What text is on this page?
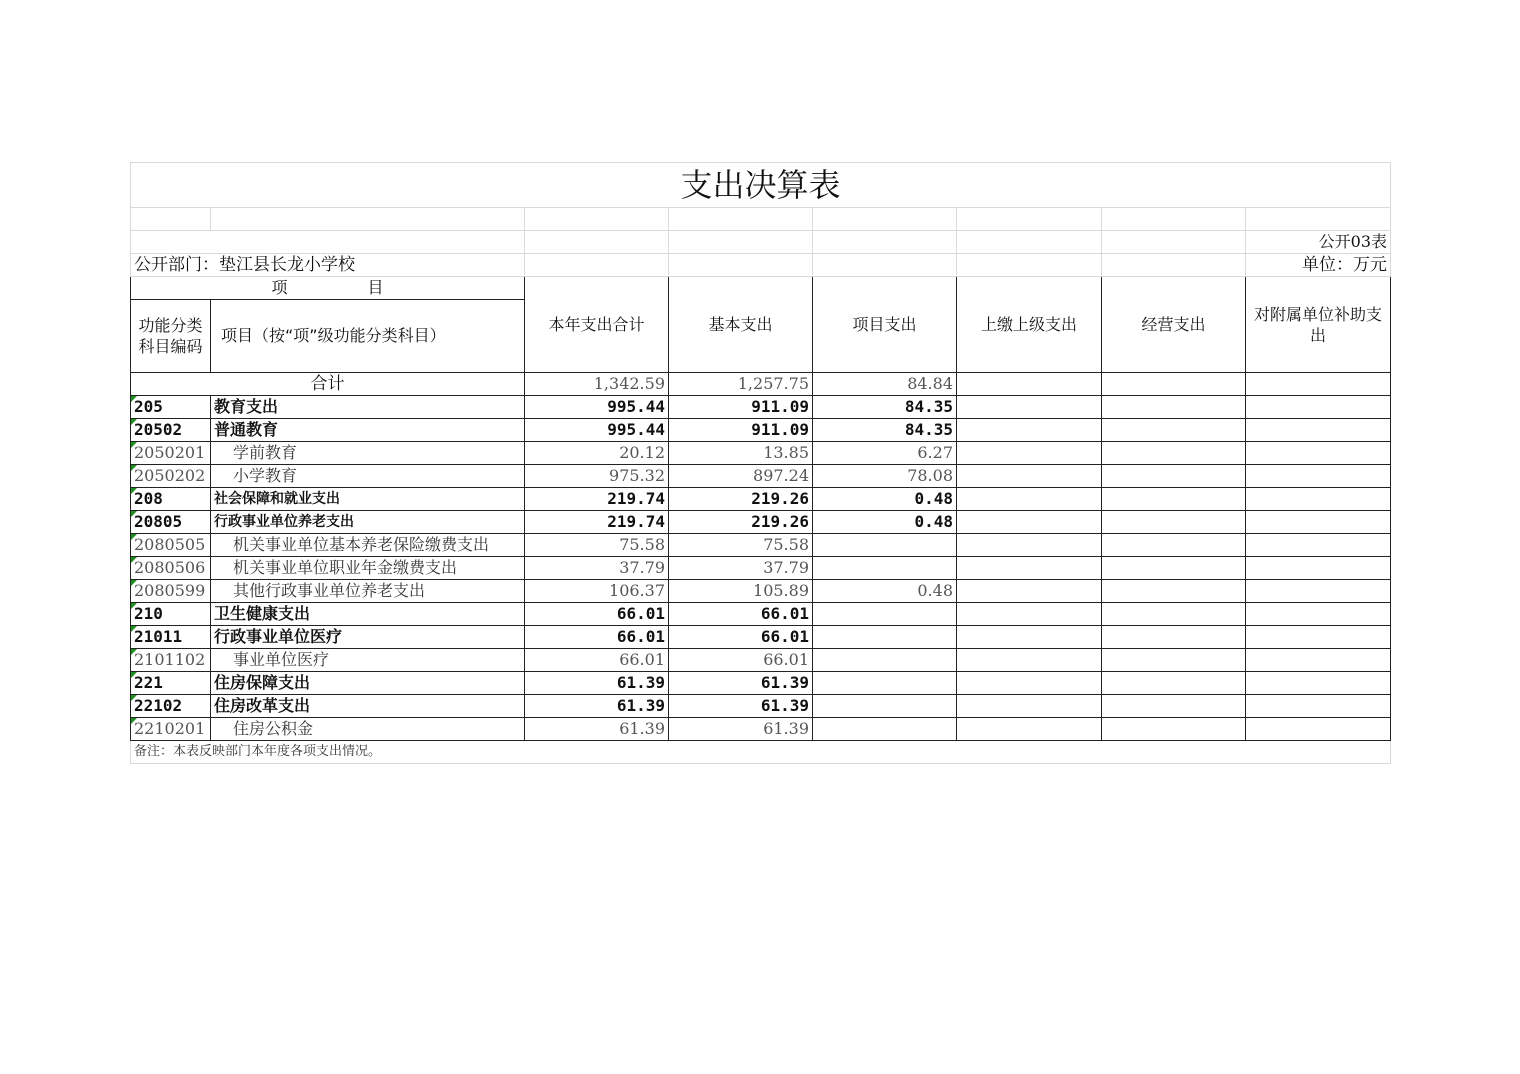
支出决算表							

							公开03表
公开部门：垫江县长龙小学校							单位：万元
项　　　　　目		本年支出合计	基本支出	项目支出	上缴上级支出	经营支出	对附属单位补助支出
功能分类科目编码	项目（按“项”级功能分类科目）						
合计		1,342.59	1,257.75	84.84			
205	教育支出	995.44	911.09	84.35			
20502	普通教育	995.44	911.09	84.35			
2050201	学前教育	20.12	13.85	6.27			
2050202	小学教育	975.32	897.24	78.08			
208	社会保障和就业支出	219.74	219.26	0.48			
20805	行政事业单位养老支出	219.74	219.26	0.48			
2080505	机关事业单位基本养老保险缴费支出	75.58	75.58				
2080506	机关事业单位职业年金缴费支出	37.79	37.79				
2080599	其他行政事业单位养老支出	106.37	105.89	0.48			
210	卫生健康支出	66.01	66.01				
21011	行政事业单位医疗	66.01	66.01				
2101102	事业单位医疗	66.01	66.01				
221	住房保障支出	61.39	61.39				
22102	住房改革支出	61.39	61.39				
2210201	住房公积金	61.39	61.39				
备注：本表反映部门本年度各项支出情况。							
